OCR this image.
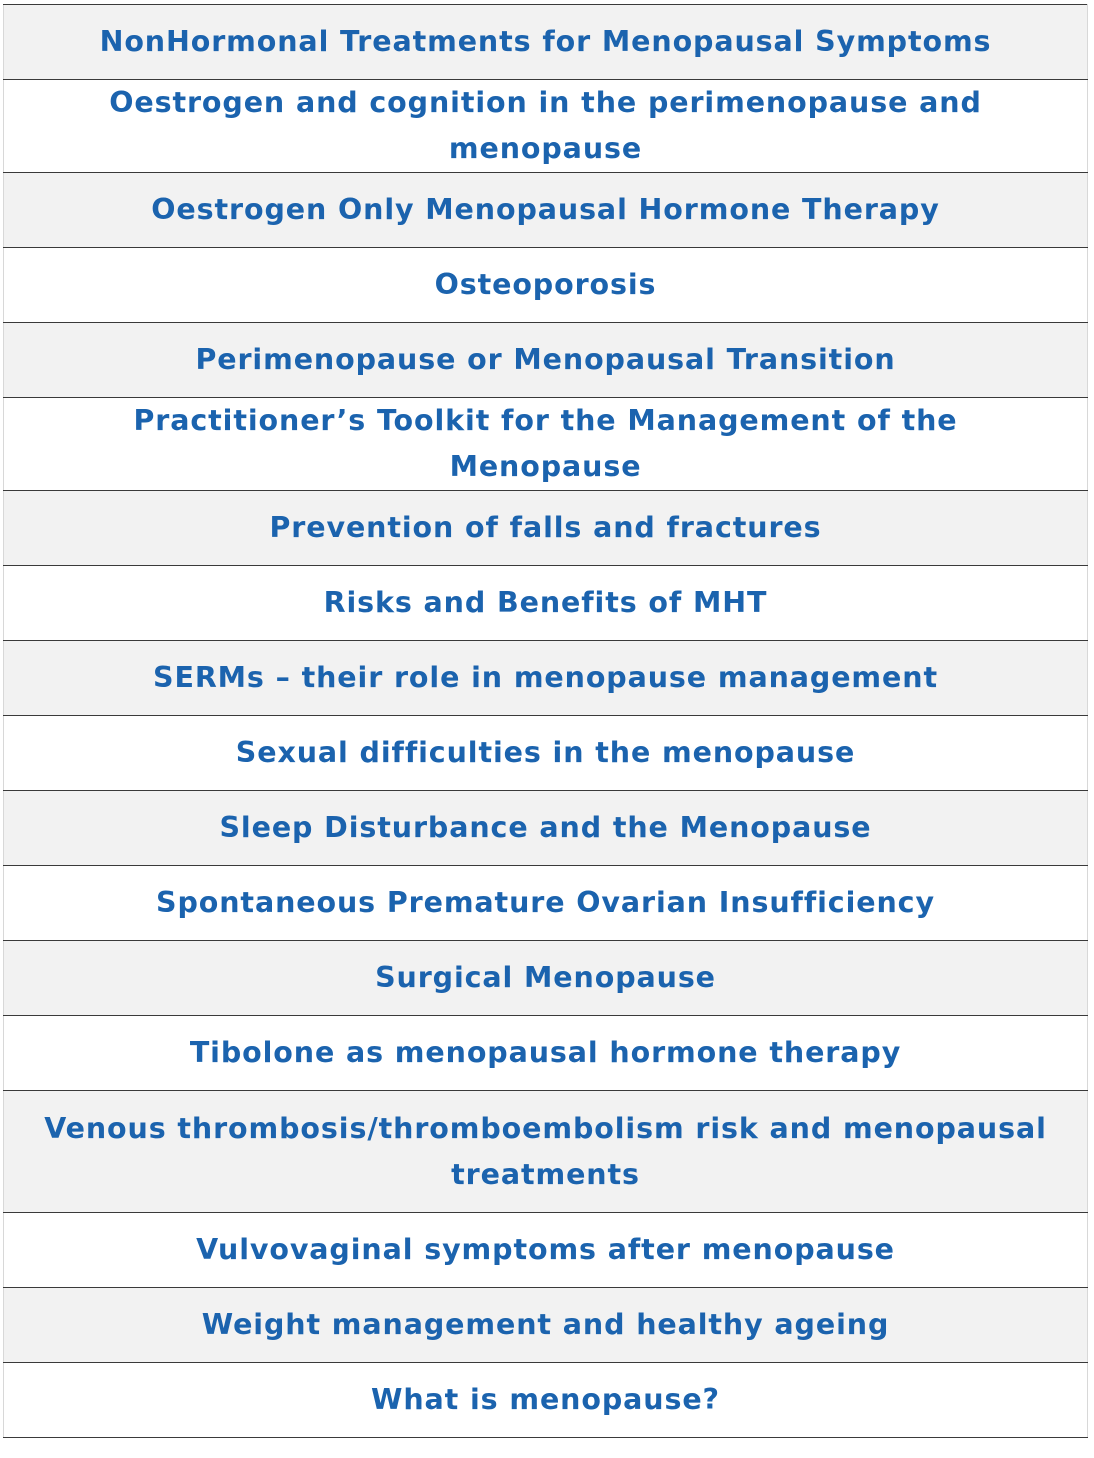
NonHormonal Treatments for Menopausal Symptoms
Oestrogen and cognition in the perimenopause and menopause
Oestrogen Only Menopausal Hormone Therapy
Osteoporosis
Perimenopause or Menopausal Transition
Practitioner’s Toolkit for the Management of the Menopause
Prevention of falls and fractures
Risks and Benefits of MHT
SERMs – their role in menopause management
Sexual difficulties in the menopause
Sleep Disturbance and the Menopause
Spontaneous Premature Ovarian Insufficiency
Surgical Menopause
Tibolone as menopausal hormone therapy
Venous thrombosis/thromboembolism risk and menopausal treatments
Vulvovaginal symptoms after menopause
Weight management and healthy ageing
What is menopause?
